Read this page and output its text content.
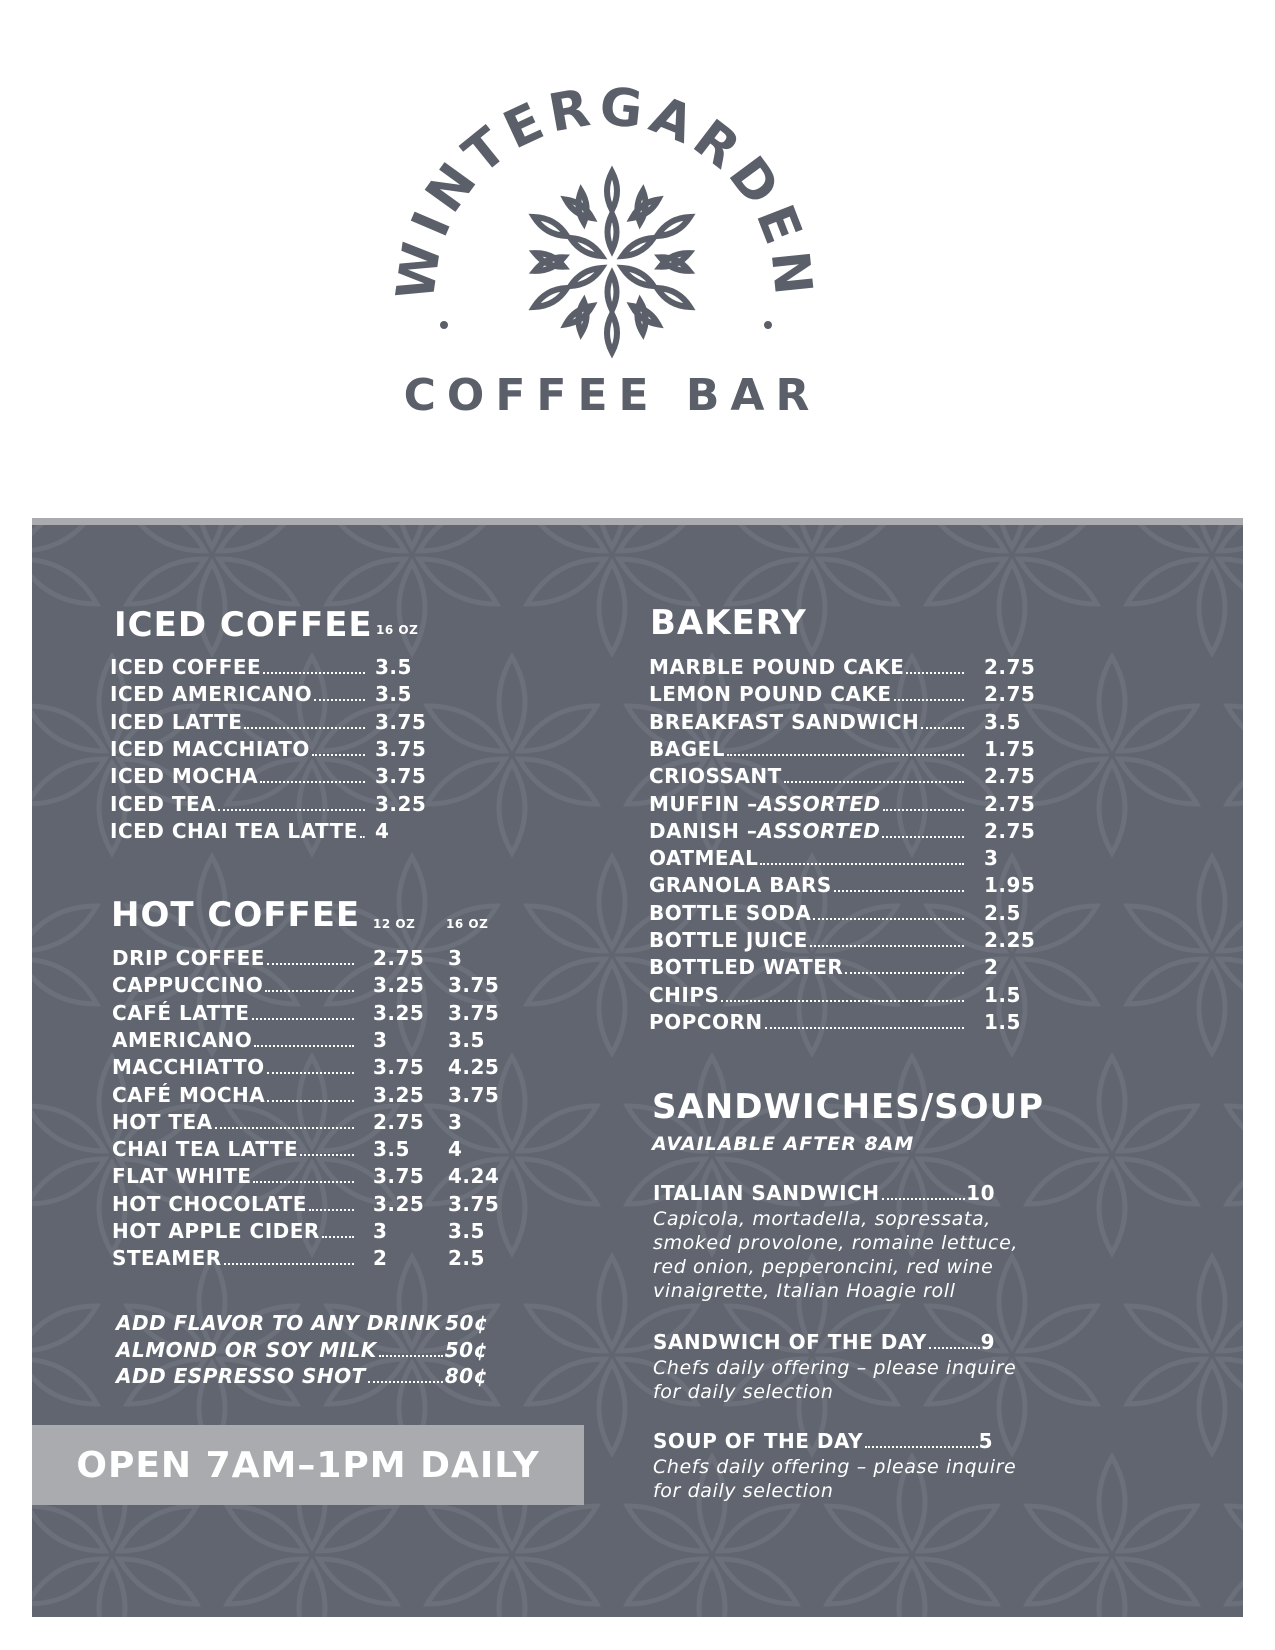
WINTERGARDEN
COFFEE BAR
ICED COFFEE 16 OZ
ICED COFFEE	3.5
ICED AMERICANO	3.5
ICED LATTE	3.75
ICED MACCHIATO	3.75
ICED MOCHA	3.75
ICED TEA	3.25
ICED CHAI TEA LATTE 4
HOT COFFEE 12 OZ	16 OZ
DRIP COFFEE	2.75 3
CAPPUCCINO	3.25 3.75
CAFÉ LATTE	3.25 3.75
AMERICANO	3	3.5
MACCHIATTO	3.75 4.25
CAFÉ MOCHA	3.25 3.75
HOT TEA	2.75 3
CHAI TEA LATTE	3.5 4
FLAT WHITE	3.75 4.24
HOT CHOCOLATE	3.25 3.75
HOT APPLE CIDER	3	3.5
STEAMER	2	2.5
ADD FLAVOR TO ANY DRINK 50¢
ALMOND OR SOY MILK	50¢
ADD ESPRESSO SHOT	80¢
OPEN 7AM–1PM DAILY
BAKERY
MARBLE POUND CAKE	2.75
LEMON POUND CAKE	2.75
BREAKFAST SANDWICH	3.5
BAGEL	1.75
CRIOSSANT	2.75
MUFFIN – ASSORTED	2.75
DANISH – ASSORTED	2.75
OATMEAL	3
GRANOLA BARS	1.95
BOTTLE SODA	2.5
BOTTLE JUICE	2.25
BOTTLED WATER	2
CHIPS	1.5
POPCORN	1.5
SANDWICHES/SOUP
AVAILABLE AFTER 8AM
ITALIAN SANDWICH	10
Capicola, mortadella, sopressata, smoked provolone, romaine lettuce, red onion, pepperoncini, red wine vinaigrette, Italian Hoagie roll
SANDWICH OF THE DAY	9
Chefs daily offering – please inquire for daily selection
SOUP OF THE DAY	5
Chefs daily offering – please inquire for daily selection
